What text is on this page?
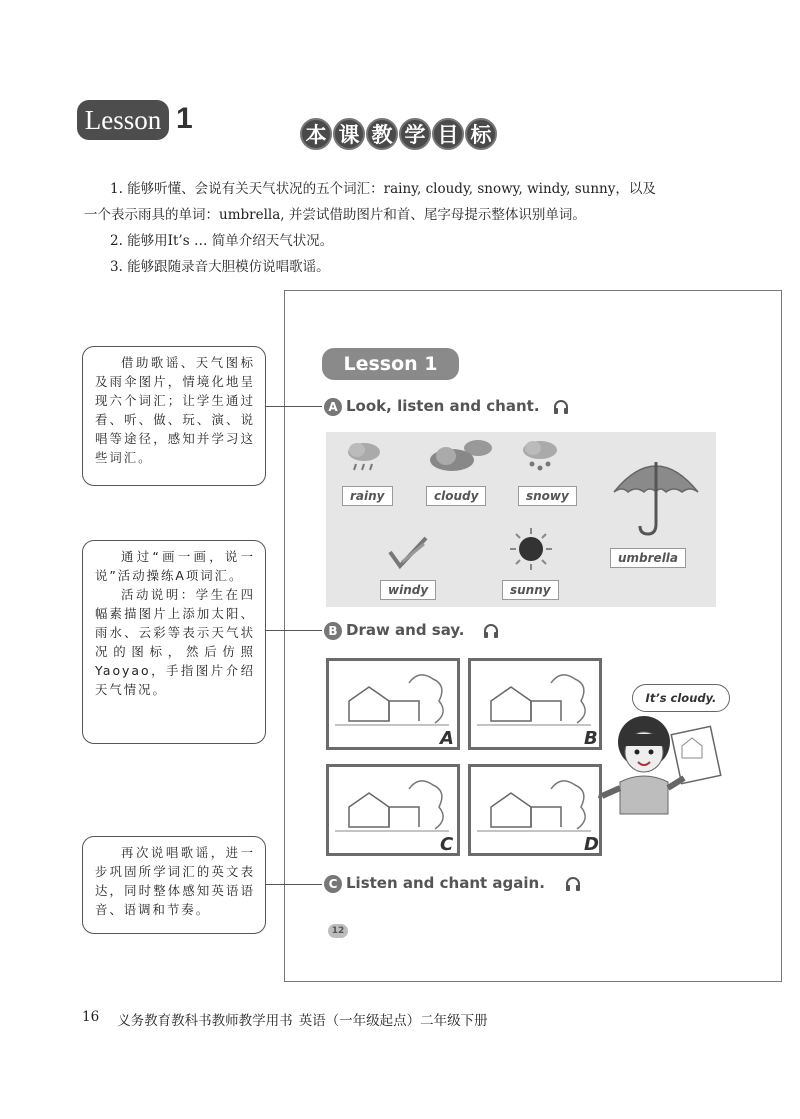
Lesson 1	本 课 教 学 目 标
1. 能够听懂、会说有关天气状况的五个词汇：rainy, cloudy, snowy, windy, sunny，以及
一个表示雨具的单词：umbrella, 并尝试借助图片和首、尾字母提示整体识别单词。
2. 能够用It’s … 简单介绍天气状况。
3. 能够跟随录音大胆模仿说唱歌谣。

借助歌谣、天气图标及雨伞图片，情境化地呈现六个词汇；让学生通过看、听、做、玩、演、说唱等途径，感知并学习这些词汇。

通过“画一画，说一说”活动操练A项词汇。

活动说明：学生在四幅素描图片上添加太阳、雨水、云彩等表示天气状况的图标，然后仿照 Yaoyao，手指图片介绍天气情况。

再次说唱歌谣，进一步巩固所学词汇的英文表达，同时整体感知英语语音、语调和节奏。

Lesson 1
A Look, listen and chant.
rainy	cloudy	snowy
umbrella
windy	sunny
B Draw and say.
A	B
C	D
It’s cloudy.
C Listen and chant again.
12
16 义务教育教科书教师教学用书 英语（一年级起点）二年级下册
